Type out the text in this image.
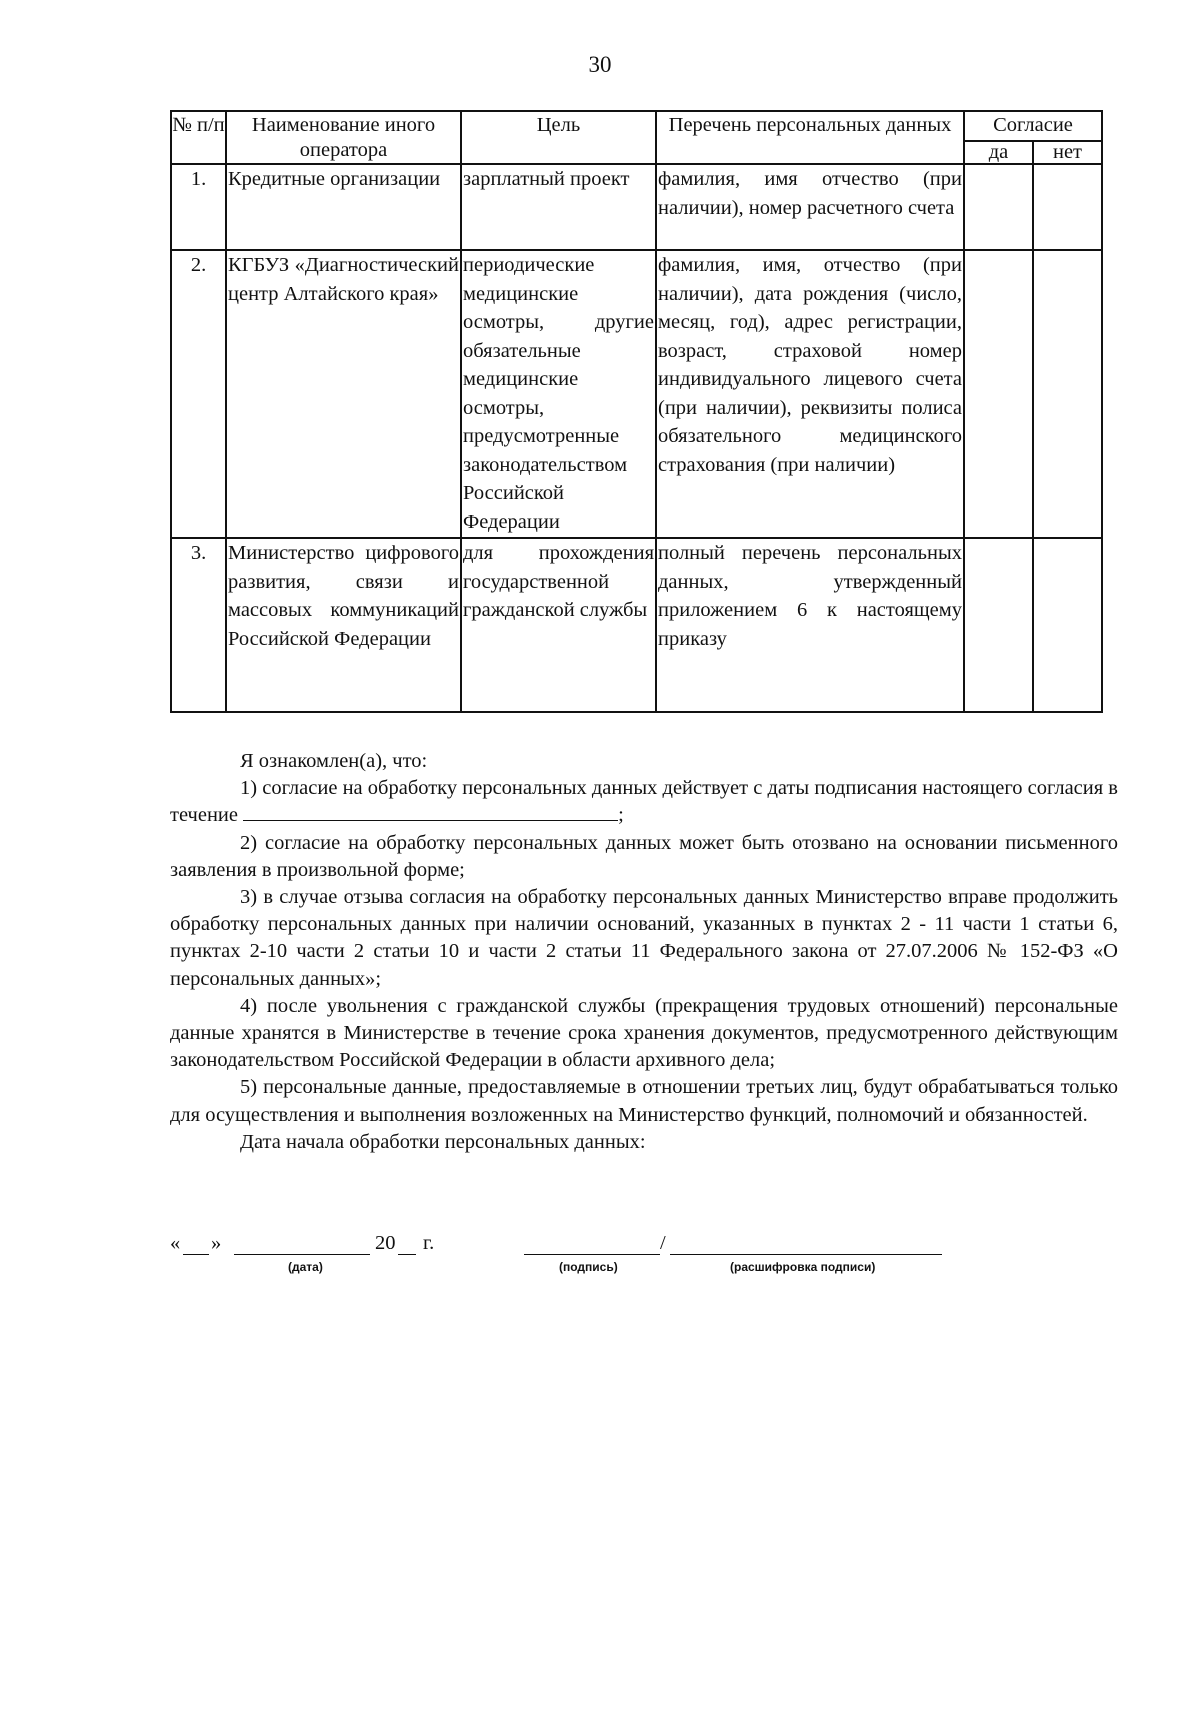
30
№ п/п	Наименование иного оператора	Цель	Перечень персональных данных	Согласие	
				да	нет
1.	Кредитные организации	зарплатный проект	фамилия, имя отчество (при наличии), номер расчетного счета		
2.	КГБУЗ «Диагностический центр Алтайского края»	периодические медицинские осмотры, другие обязательные медицинские осмотры, предусмотренные законодательством Российской Федерации	фамилия, имя, отчество (при наличии), дата рождения (число, месяц, год), адрес регистрации, возраст, страховой номер индивидуального лицевого счета (при наличии), реквизиты полиса обязательного медицинского страхования (при наличии)		
3.	Министерство цифрового развития, связи и массовых коммуникаций Российской Федерации	для прохождения государственной гражданской службы	полный перечень персональных данных, утвержденный приложением 6 к настоящему приказу		

Я ознакомлен(а), что:

1) согласие на обработку персональных данных действует с даты подписания настоящего согласия в течение	;

2) согласие на обработку персональных данных может быть отозвано на основании письменного заявления в произвольной форме;

3) в случае отзыва согласия на обработку персональных данных Министерство вправе продолжить обработку персональных данных при наличии оснований, указанных в пунктах 2 - 11 части 1 статьи 6, пунктах 2-10 части 2 статьи 10 и части 2 статьи 11 Федерального закона от 27.07.2006 № 152-ФЗ «О персональных данных»;

4) после увольнения с гражданской службы (прекращения трудовых отношений) персональные данные хранятся в Министерстве в течение срока хранения документов, предусмотренного действующим законодательством Российской Федерации в области архивного дела;

5) персональные данные, предоставляемые в отношении третьих лиц, будут обрабатываться только для осуществления и выполнения возложенных на Министерство функций, полномочий и обязанностей.

Дата начала обработки персональных данных:

« »	20 г.	/
(дата)	(подпись)	(расшифровка подписи)
